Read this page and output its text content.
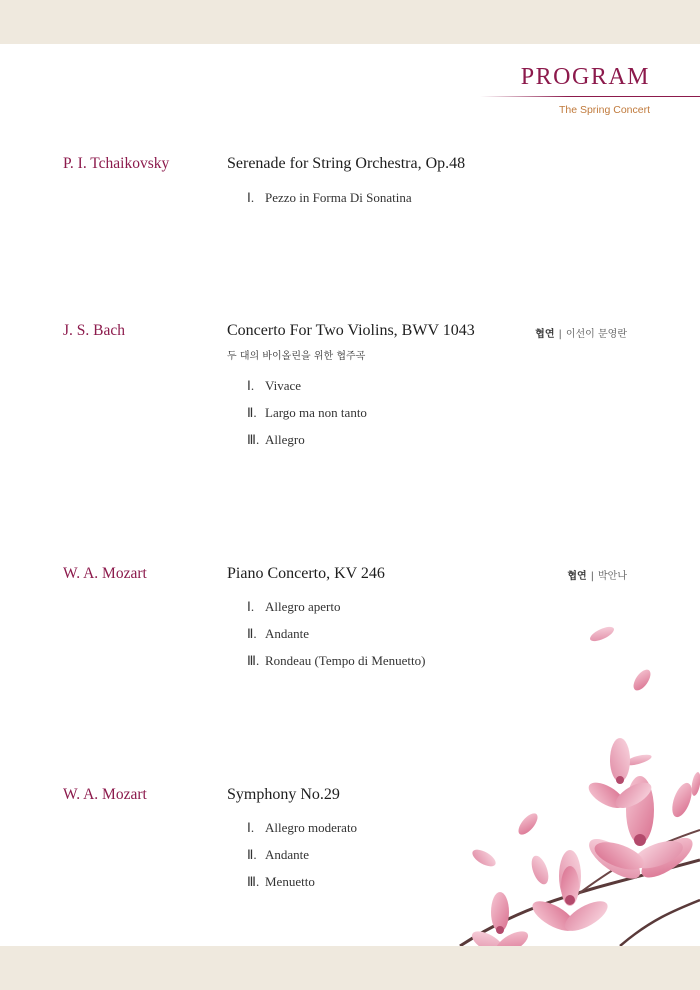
PROGRAM
The Spring Concert
P. I. Tchaikovsky	Serenade for String Orchestra, Op.48
Ⅰ. Pezzo in Forma Di Sonatina
J. S. Bach	Concerto For Two Violins, BWV 1043	협연 | 이선이 문영란
두 대의 바이올린을 위한 협주곡
Ⅰ. Vivace
Ⅱ. Largo ma non tanto
Ⅲ. Allegro
W. A. Mozart	Piano Concerto, KV 246	협연 | 박안나
Ⅰ. Allegro aperto
Ⅱ. Andante
Ⅲ. Rondeau (Tempo di Menuetto)
W. A. Mozart	Symphony No.29
Ⅰ. Allegro moderato
Ⅱ. Andante
Ⅲ. Menuetto
